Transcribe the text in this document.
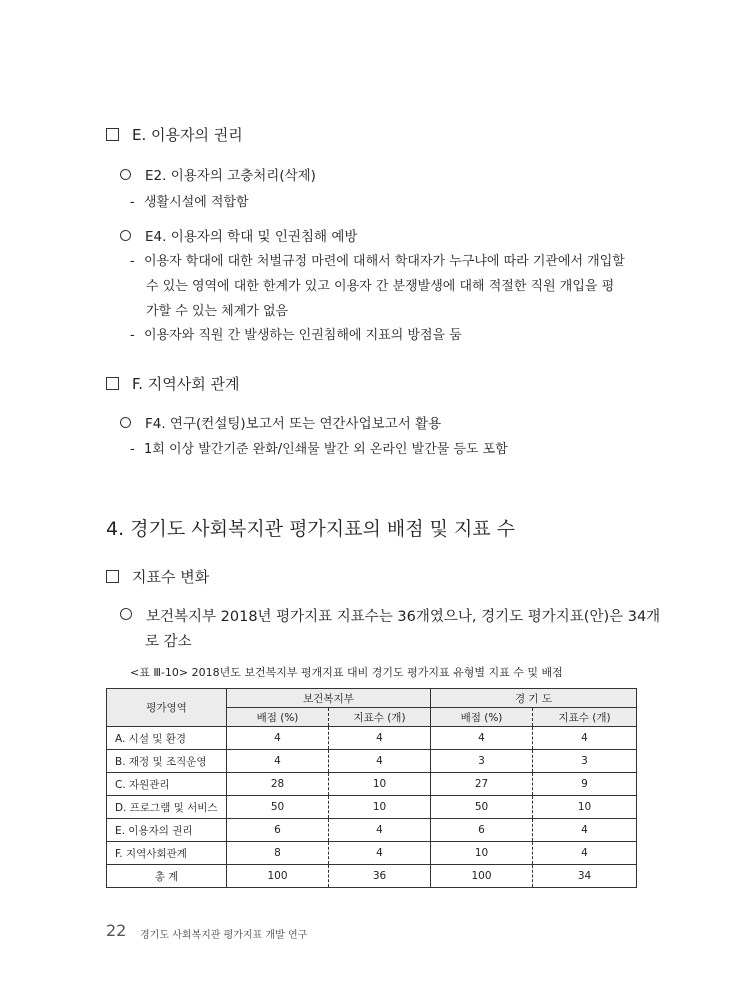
E. 이용자의 권리
E2. 이용자의 고충처리(삭제)
- 생활시설에 적합함
E4. 이용자의 학대 및 인권침해 예방
- 이용자 학대에 대한 처벌규정 마련에 대해서 학대자가 누구냐에 따라 기관에서 개입할
수 있는 영역에 대한 한계가 있고 이용자 간 분쟁발생에 대해 적절한 직원 개입을 평
가할 수 있는 체계가 없음
- 이용자와 직원 간 발생하는 인권침해에 지표의 방점을 둠
F. 지역사회 관계
F4. 연구(컨설팅)보고서 또는 연간사업보고서 활용
- 1회 이상 발간기준 완화/인쇄물 발간 외 온라인 발간물 등도 포함
4. 경기도 사회복지관 평가지표의 배점 및 지표 수
지표수 변화
보건복지부 2018년 평가지표 지표수는 36개였으나, 경기도 평가지표(안)은 34개
로 감소
<표 Ⅲ-10> 2018년도 보건복지부 평개지표 대비 경기도 평가지표 유형별 지표 수 및 배점
평가영역	보건복지부		경 기 도	
	배점 (%)	지표수 (개)	배점 (%)	지표수 (개)
A. 시설 및 환경	4	4	4	4
B. 재정 및 조직운영	4	4	3	3
C. 자원관리	28	10	27	9
D. 프로그램 및 서비스	50	10	50	10
E. 이용자의 권리	6	4	6	4
F. 지역사회관계	8	4	10	4
총 계	100	36	100	34
22 경기도 사회복지관 평가지표 개발 연구
